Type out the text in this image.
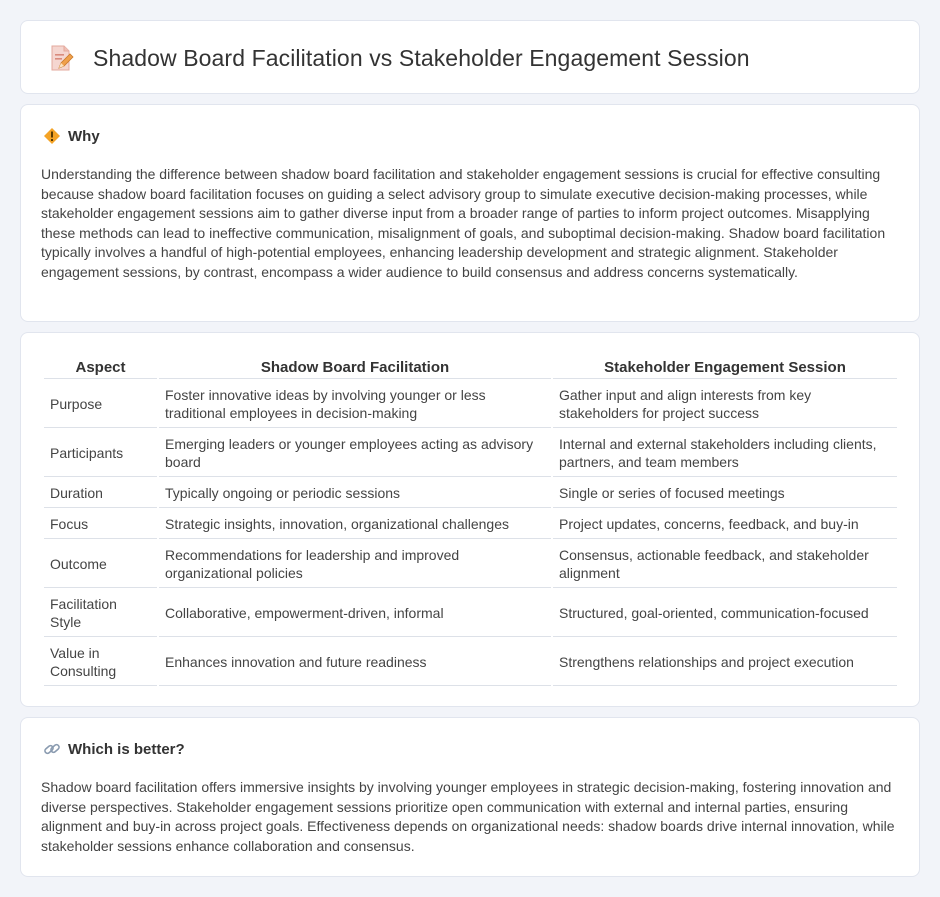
Shadow Board Facilitation vs Stakeholder Engagement Session
Why

Understanding the difference between shadow board facilitation and stakeholder engagement sessions is crucial for effective consulting because shadow board facilitation focuses on guiding a select advisory group to simulate executive decision-making processes, while stakeholder engagement sessions aim to gather diverse input from a broader range of parties to inform project outcomes. Misapplying these methods can lead to ineffective communication, misalignment of goals, and suboptimal decision-making. Shadow board facilitation typically involves a handful of high-potential employees, enhancing leadership development and strategic alignment. Stakeholder engagement sessions, by contrast, encompass a wider audience to build consensus and address concerns systematically.

Aspect	Shadow Board Facilitation	Stakeholder Engagement Session
Purpose	Foster innovative ideas by involving younger or less traditional employees in decision-making	Gather input and align interests from key stakeholders for project success
Participants	Emerging leaders or younger employees acting as advisory board	Internal and external stakeholders including clients, partners, and team members
Duration	Typically ongoing or periodic sessions	Single or series of focused meetings
Focus	Strategic insights, innovation, organizational challenges	Project updates, concerns, feedback, and buy-in
Outcome	Recommendations for leadership and improved organizational policies	Consensus, actionable feedback, and stakeholder alignment
Facilitation Style	Collaborative, empowerment-driven, informal	Structured, goal-oriented, communication-focused
Value in Consulting	Enhances innovation and future readiness	Strengthens relationships and project execution
Which is better?

Shadow board facilitation offers immersive insights by involving younger employees in strategic decision-making, fostering innovation and diverse perspectives. Stakeholder engagement sessions prioritize open communication with external and internal parties, ensuring alignment and buy-in across project goals. Effectiveness depends on organizational needs: shadow boards drive internal innovation, while stakeholder sessions enhance collaboration and consensus.
